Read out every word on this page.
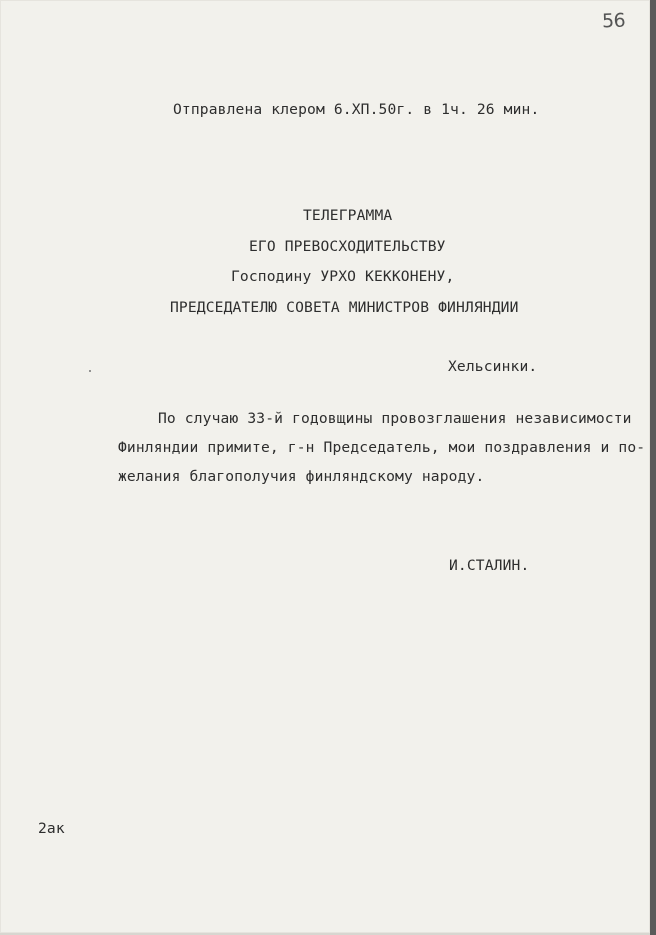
56
Отправлена клером 6.XП.50г. в 1ч. 26 мин.
ТЕЛЕГРАММА
ЕГО ПРЕВОСХОДИТЕЛЬСТВУ
Господину УРХО КЕККОНЕНУ,
ПРЕДСЕДАТЕЛЮ СОВЕТА МИНИСТРОВ ФИНЛЯНДИИ
Хельсинки.
По случаю 33-й годовщины провозглашения независимости
Финляндии примите, г-н Председатель, мои поздравления и по-
желания благополучия финляндскому народу.
И.СТАЛИН.
2ак
